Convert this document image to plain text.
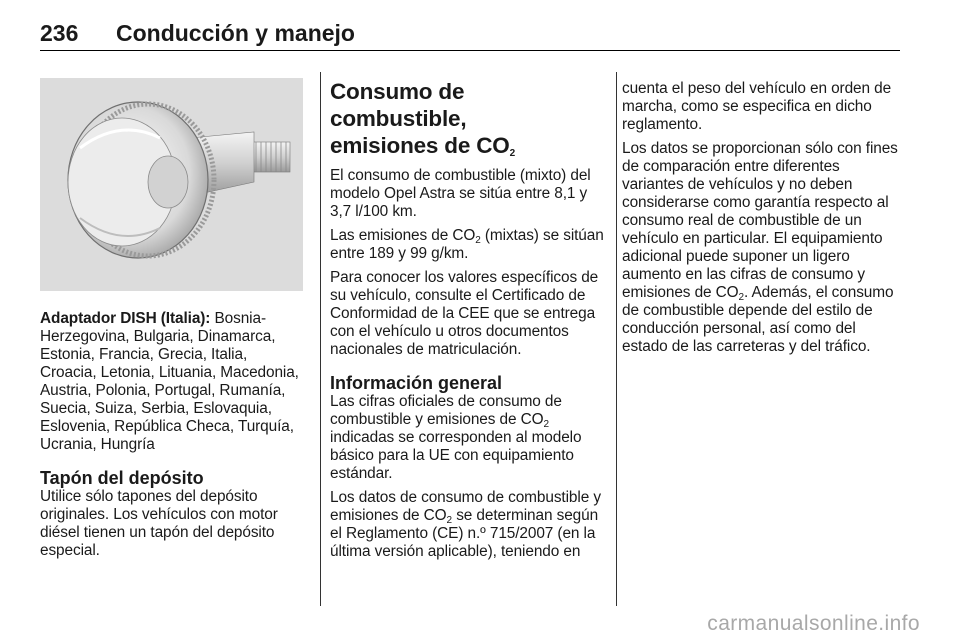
236 Conducción y manejo

Adaptador DISH (Italia): Bosnia-Herzegovina, Bulgaria, Dinamarca, Estonia, Francia, Grecia, Italia, Croacia, Letonia, Lituania, Macedonia, Austria, Polonia, Portugal, Rumanía, Suecia, Suiza, Serbia, Eslovaquia, Eslovenia, República Checa, Turquía, Ucrania, Hungría

Tapón del depósito

Utilice sólo tapones del depósito originales. Los vehículos con motor diésel tienen un tapón del depósito especial.

Consumo de combustible,
emisiones de $CO_2$

El consumo de combustible (mixto) del modelo Opel Astra se sitúa entre 8,1 y 3,7 l/100 km.

Las emisiones de $CO_2$ (mixtas) se sitúan entre 189 y 99 g/km.

Para conocer los valores específicos de su vehículo, consulte el Certificado de Conformidad de la CEE que se entrega con el vehículo u otros documentos nacionales de matriculación.

Información general

Las cifras oficiales de consumo de combustible y emisiones de $CO_2$ indicadas se corresponden al modelo básico para la UE con equipamiento estándar.

Los datos de consumo de combustible y emisiones de $CO_2$ se determinan según el Reglamento (CE) n.º 715/2007 (en la última versión aplicable), teniendo en

cuenta el peso del vehículo en orden de marcha, como se especifica en dicho reglamento.

Los datos se proporcionan sólo con fines de comparación entre diferentes variantes de vehículos y no deben considerarse como garantía respecto al consumo real de combustible de un vehículo en particular. El equipamiento adicional puede suponer un ligero aumento en las cifras de consumo y emisiones de $CO_2$. Además, el consumo de combustible depende del estilo de conducción personal, así como del estado de las carreteras y del tráfico.

carmanualsonline.info
